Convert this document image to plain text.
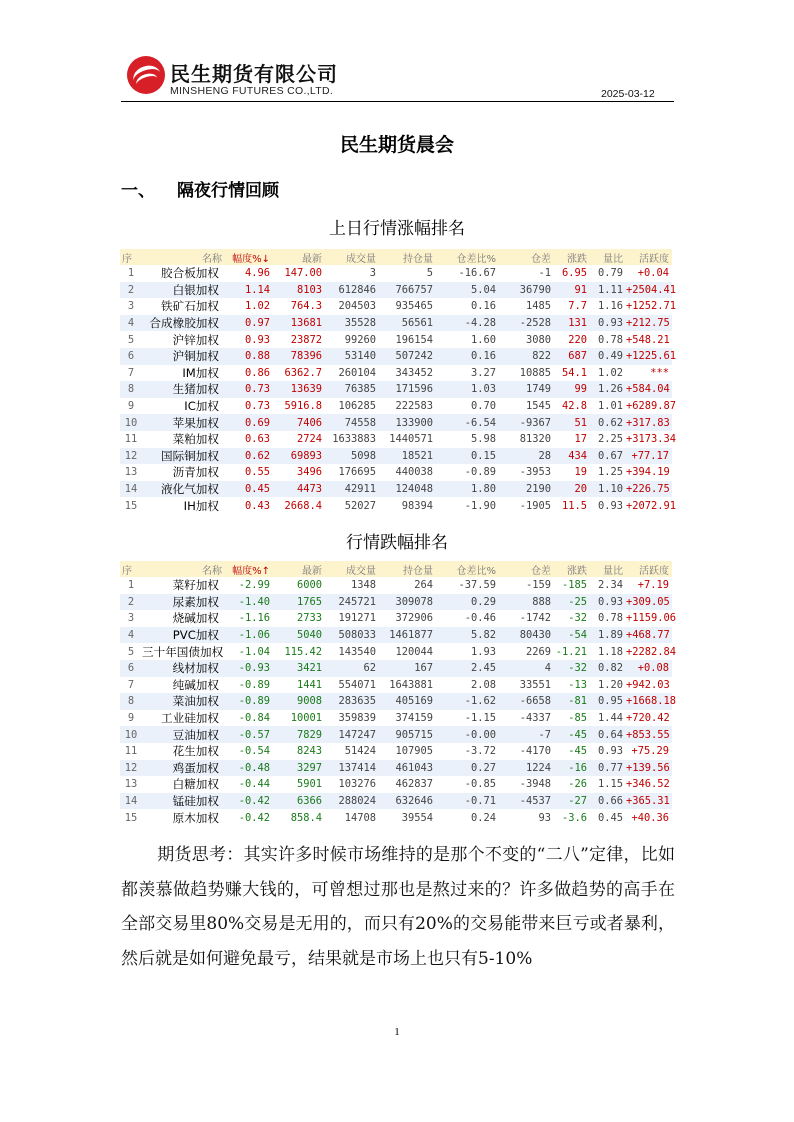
民生期货有限公司
MINSHENG FUTURES CO.,LTD.	2025-03-12
民生期货晨会
一、 隔夜行情回顾
上日行情涨幅排名
序	名称	幅度%↓	最新	成交量	持仓量	仓差比%	仓差	涨跌	量比	活跃度
1	胶合板加权	4.96	147.00	3	5	-16.67	-1	6.95	0.79	+0.04
2	白银加权	1.14	8103	612846	766757	5.04	36790	91	1.11	+2504.41
3	铁矿石加权	1.02	764.3	204503	935465	0.16	1485	7.7	1.16	+1252.71
4	合成橡胶加权	0.97	13681	35528	56561	-4.28	-2528	131	0.93	+212.75
5	沪锌加权	0.93	23872	99260	196154	1.60	3080	220	0.78	+548.21
6	沪铜加权	0.88	78396	53140	507242	0.16	822	687	0.49	+1225.61
7	IM加权	0.86	6362.7	260104	343452	3.27	10885	54.1	1.02	***
8	生猪加权	0.73	13639	76385	171596	1.03	1749	99	1.26	+584.04
9	IC加权	0.73	5916.8	106285	222583	0.70	1545	42.8	1.01	+6289.87
10	苹果加权	0.69	7406	74558	133900	-6.54	-9367	51	0.62	+317.83
11	菜粕加权	0.63	2724	1633883	1440571	5.98	81320	17	2.25	+3173.34
12	国际铜加权	0.62	69893	5098	18521	0.15	28	434	0.67	+77.17
13	沥青加权	0.55	3496	176695	440038	-0.89	-3953	19	1.25	+394.19
14	液化气加权	0.45	4473	42911	124048	1.80	2190	20	1.10	+226.75
15	IH加权	0.43	2668.4	52027	98394	-1.90	-1905	11.5	0.93	+2072.91
行情跌幅排名
序	名称	幅度%↑	最新	成交量	持仓量	仓差比%	仓差	涨跌	量比	活跃度
1	菜籽加权	-2.99	6000	1348	264	-37.59	-159	-185	2.34	+7.19
2	尿素加权	-1.40	1765	245721	309078	0.29	888	-25	0.93	+309.05
3	烧碱加权	-1.16	2733	191271	372906	-0.46	-1742	-32	0.78	+1159.06
4	PVC加权	-1.06	5040	508033	1461877	5.82	80430	-54	1.89	+468.77
5	三十年国债加权	-1.04	115.42	143540	120044	1.93	2269	-1.21	1.18	+2282.84
6	线材加权	-0.93	3421	62	167	2.45	4	-32	0.82	+0.08
7	纯碱加权	-0.89	1441	554071	1643881	2.08	33551	-13	1.20	+942.03
8	菜油加权	-0.89	9008	283635	405169	-1.62	-6658	-81	0.95	+1668.18
9	工业硅加权	-0.84	10001	359839	374159	-1.15	-4337	-85	1.44	+720.42
10	豆油加权	-0.57	7829	147247	905715	-0.00	-7	-45	0.64	+853.55
11	花生加权	-0.54	8243	51424	107905	-3.72	-4170	-45	0.93	+75.29
12	鸡蛋加权	-0.48	3297	137414	461043	0.27	1224	-16	0.77	+139.56
13	白糖加权	-0.44	5901	103276	462837	-0.85	-3948	-26	1.15	+346.52
14	锰硅加权	-0.42	6366	288024	632646	-0.71	-4537	-27	0.66	+365.31
15	原木加权	-0.42	858.4	14708	39554	0.24	93	-3.6	0.45	+40.36

期货思考：其实许多时候市场维持的是那个不变的“二八”定律，比如都羡慕做趋势赚大钱的，可曾想过那也是熬过来的？许多做趋势的高手在全部交易里80%交易是无用的，而只有20%的交易能带来巨亏或者暴利，然后就是如何避免最亏，结果就是市场上也只有5-10%

1
